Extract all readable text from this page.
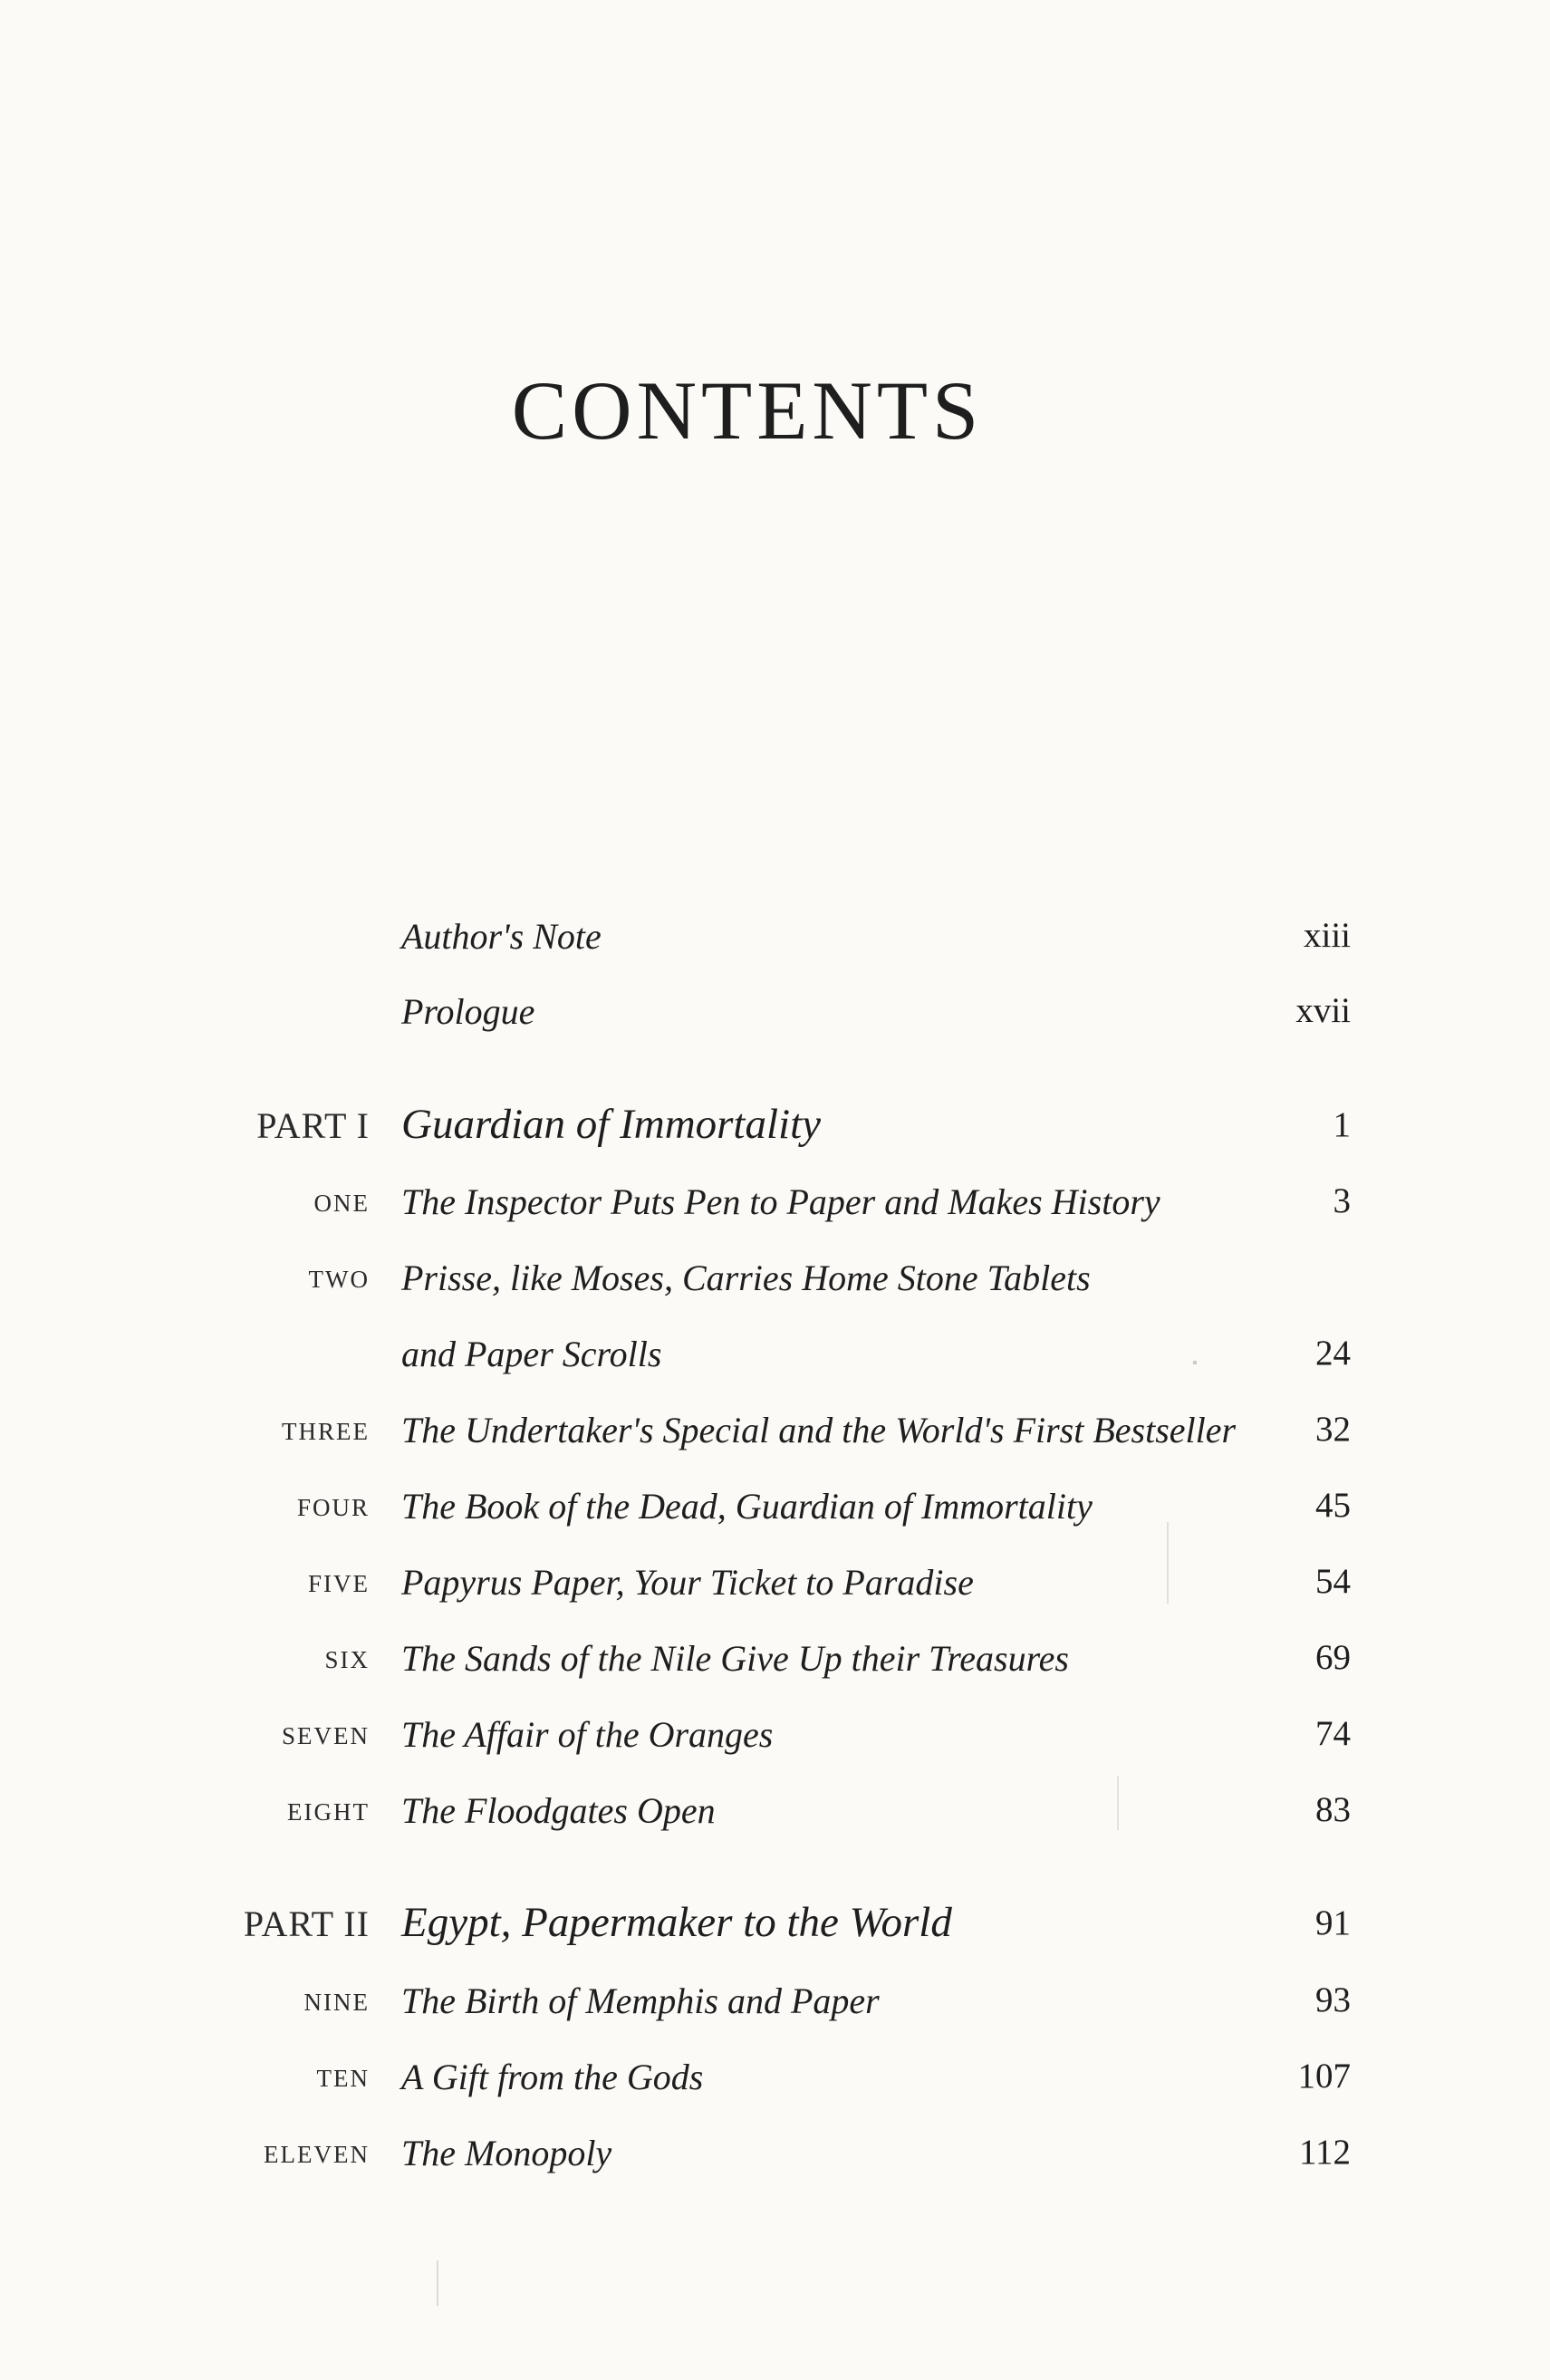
CONTENTS
Author's Note	xiii
Prologue	xvii
PART I Guardian of Immortality	1
one The Inspector Puts Pen to Paper and Makes History	3
two Prisse, like Moses, Carries Home Stone Tablets
and Paper Scrolls	24
three The Undertaker's Special and the World's First Bestseller 32
four The Book of the Dead, Guardian of Immortality	45
five Papyrus Paper, Your Ticket to Paradise	54
six The Sands of the Nile Give Up their Treasures	69
seven The Affair of the Oranges	74
eight The Floodgates Open	83
PART II Egypt, Papermaker to the World	91
nine The Birth of Memphis and Paper	93
ten A Gift from the Gods	107
eleven The Monopoly	112
